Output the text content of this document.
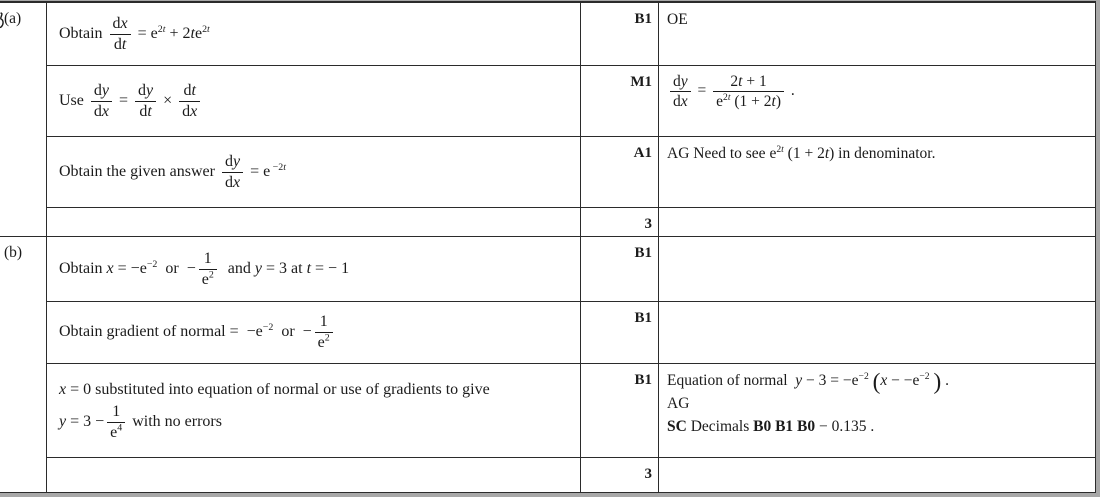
(a)
(b)
Obtain $\frac{dx}{dt} = e^{2t} + 2te^{2t}$
B1 OE
Use $\frac{dy}{dx} = \frac{dy}{dt} \times \frac{dt}{dx}$	$M1 \frac{dy}{dx} = \frac{2t + 1}{e^{2t} (1 + 2t)}$ .
Obtain the given answer $\frac{dy}{dx} = e$ $^{-2t}$
A1 AG Need to see $e^{2t}$ (1 + 2t) in denominator.
3
Obtain $x = -e^{-2}$  or  − $\frac{1}{e^2}$ and y = 3 at t = − 1
B1
Obtain gradient of normal =  $-e^{-2}$  or  − $\frac{1}{e^2}$	B1
x = 0 substituted into equation of normal or use of gradients to give
$y = 3 - \frac{1}{e^4}$ with no errors
B1 Equation of normal  $y - 3 = -e^{-2}$ ($x - -e^{-2}$ ) .
AG
SC Decimals B0 B1 B0 − 0.135 .
3
